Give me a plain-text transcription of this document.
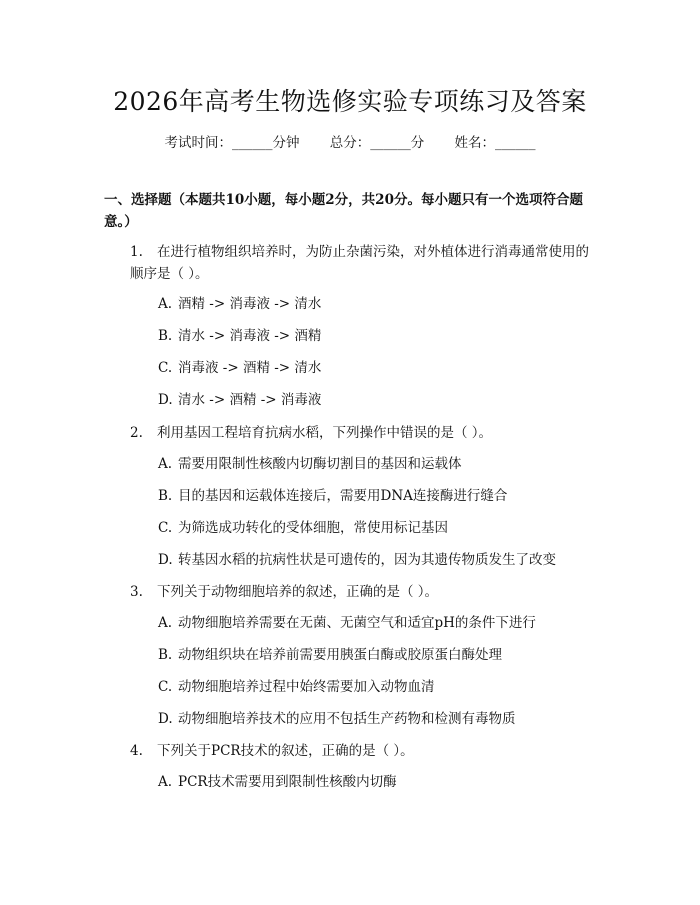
2026年高考生物选修实验专项练习及答案
考试时间：______分钟 总分：______分 姓名：______
一、选择题（本题共10小题，每小题2分，共20分。每小题只有一个选项符合题意。）
1. 在进行植物组织培养时，为防止杂菌污染，对外植体进行消毒通常使用的顺序是（ ）。
A. 酒精 -> 消毒液 -> 清水
B. 清水 -> 消毒液 -> 酒精
C. 消毒液 -> 酒精 -> 清水
D. 清水 -> 酒精 -> 消毒液
2. 利用基因工程培育抗病水稻，下列操作中错误的是（ ）。
A. 需要用限制性核酸内切酶切割目的基因和运载体
B. 目的基因和运载体连接后，需要用DNA连接酶进行缝合
C. 为筛选成功转化的受体细胞，常使用标记基因
D. 转基因水稻的抗病性状是可遗传的，因为其遗传物质发生了改变
3. 下列关于动物细胞培养的叙述，正确的是（ ）。
A. 动物细胞培养需要在无菌、无菌空气和适宜pH的条件下进行
B. 动物组织块在培养前需要用胰蛋白酶或胶原蛋白酶处理
C. 动物细胞培养过程中始终需要加入动物血清
D. 动物细胞培养技术的应用不包括生产药物和检测有毒物质
4. 下列关于PCR技术的叙述，正确的是（ ）。
A. PCR技术需要用到限制性核酸内切酶
